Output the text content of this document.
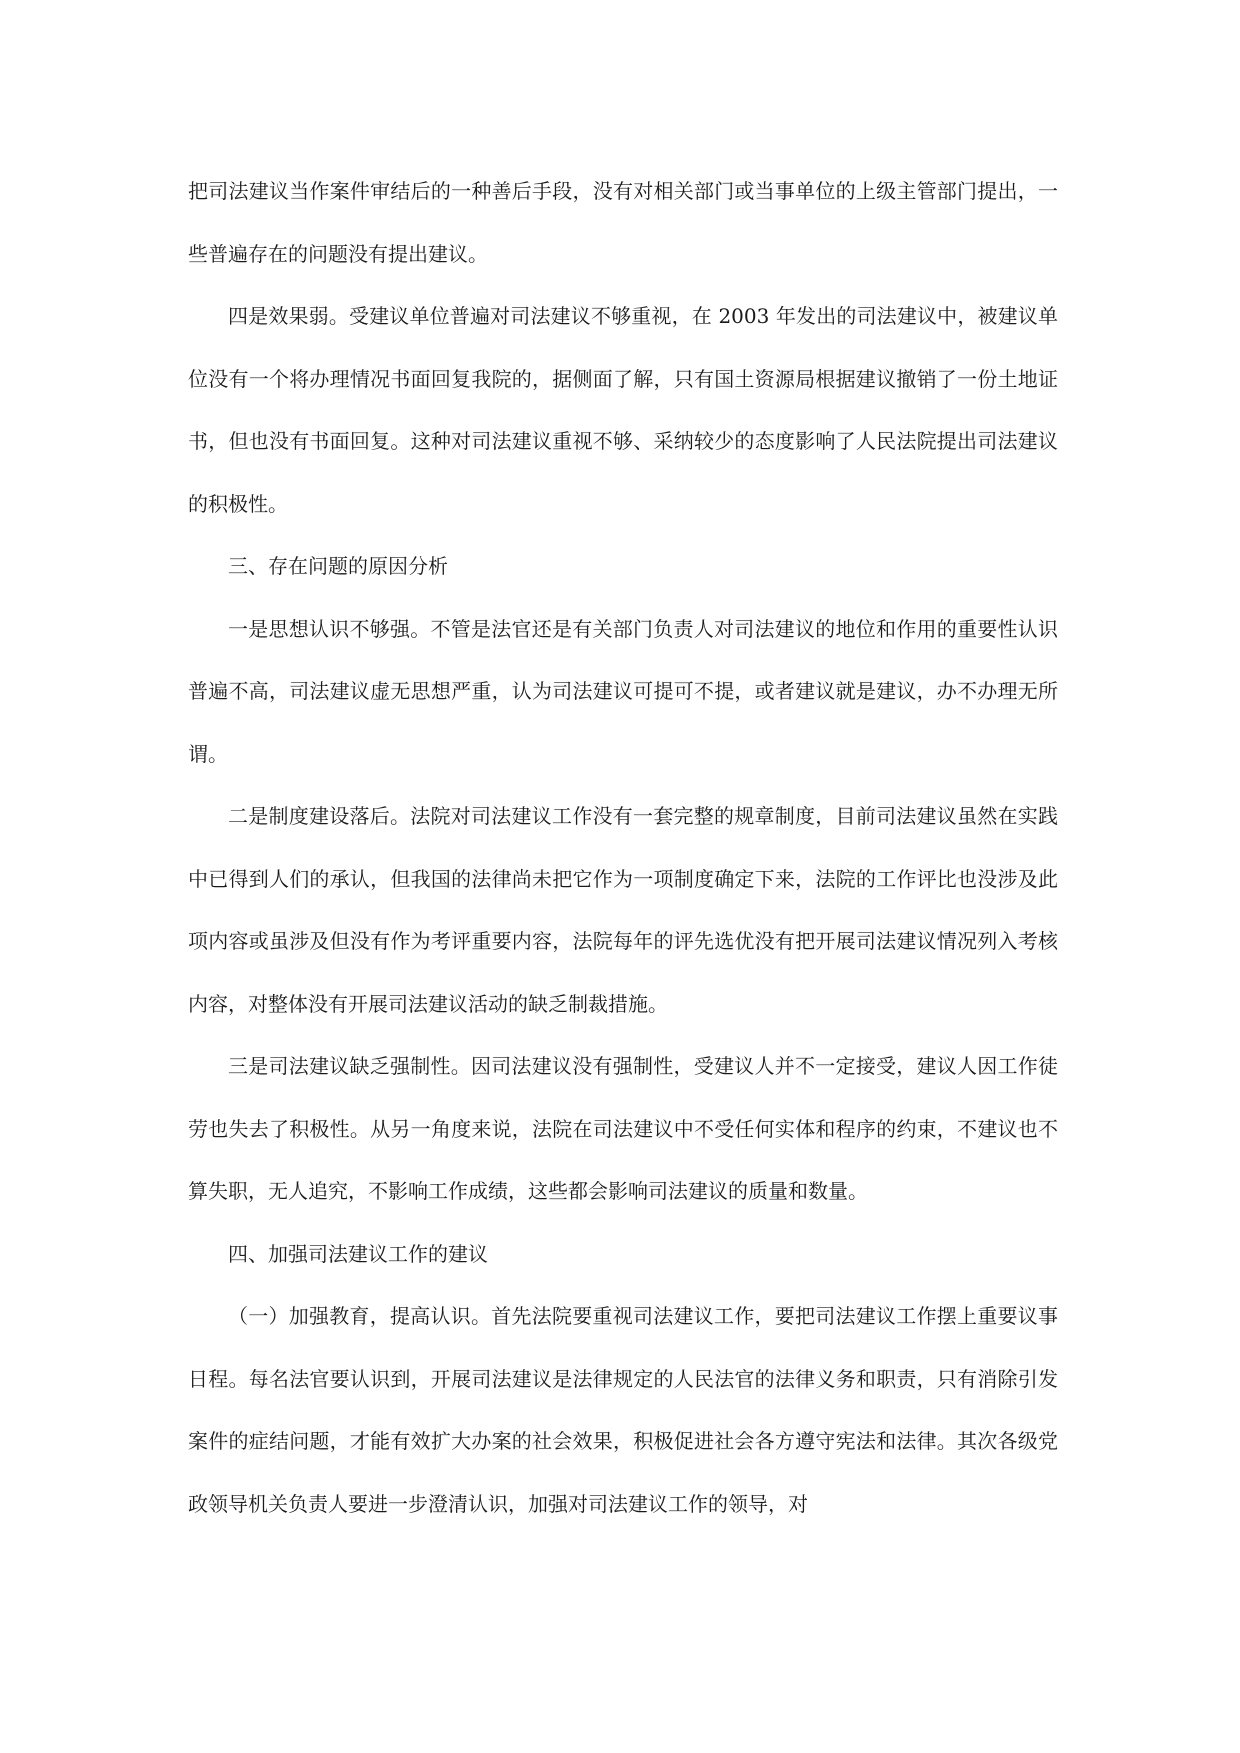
把司法建议当作案件审结后的一种善后手段，没有对相关部门或当事单位的上级主管部门提出，一些普遍存在的问题没有提出建议。

四是效果弱。受建议单位普遍对司法建议不够重视，在 2003 年发出的司法建议中，被建议单位没有一个将办理情况书面回复我院的，据侧面了解，只有国土资源局根据建议撤销了一份土地证书，但也没有书面回复。这种对司法建议重视不够、采纳较少的态度影响了人民法院提出司法建议的积极性。

三、存在问题的原因分析

一是思想认识不够强。不管是法官还是有关部门负责人对司法建议的地位和作用的重要性认识普遍不高，司法建议虚无思想严重，认为司法建议可提可不提，或者建议就是建议，办不办理无所谓。

二是制度建设落后。法院对司法建议工作没有一套完整的规章制度，目前司法建议虽然在实践中已得到人们的承认，但我国的法律尚未把它作为一项制度确定下来，法院的工作评比也没涉及此项内容或虽涉及但没有作为考评重要内容，法院每年的评先选优没有把开展司法建议情况列入考核内容，对整体没有开展司法建议活动的缺乏制裁措施。

三是司法建议缺乏强制性。因司法建议没有强制性，受建议人并不一定接受，建议人因工作徒劳也失去了积极性。从另一角度来说，法院在司法建议中不受任何实体和程序的约束，不建议也不算失职，无人追究，不影响工作成绩，这些都会影响司法建议的质量和数量。

四、加强司法建议工作的建议

（一）加强教育，提高认识。首先法院要重视司法建议工作，要把司法建议工作摆上重要议事日程。每名法官要认识到，开展司法建议是法律规定的人民法官的法律义务和职责，只有消除引发案件的症结问题，才能有效扩大办案的社会效果，积极促进社会各方遵守宪法和法律。其次各级党政领导机关负责人要进一步澄清认识，加强对司法建议工作的领导，对
